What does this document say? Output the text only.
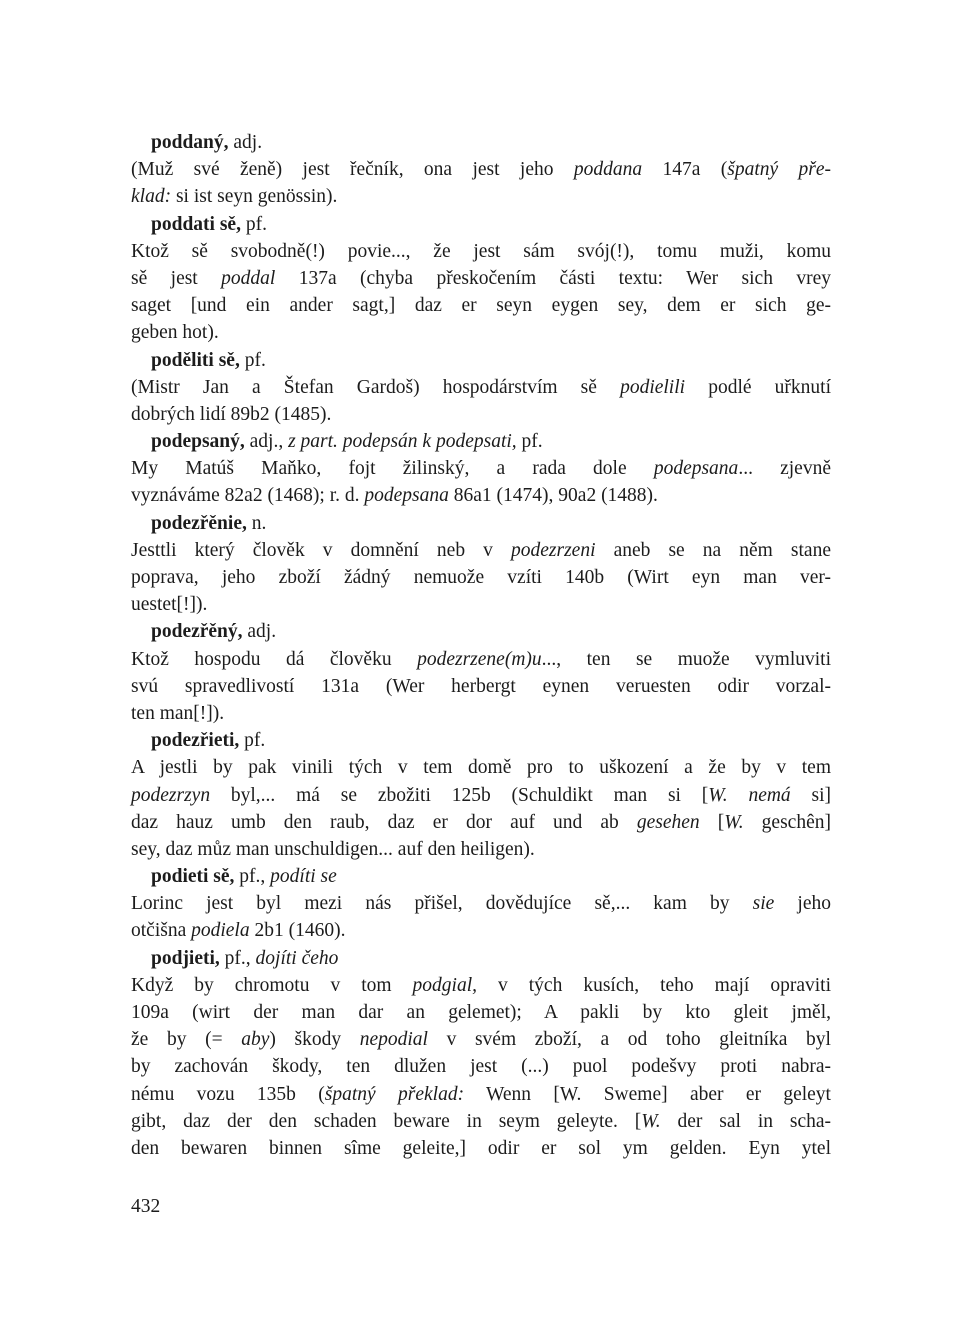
poddaný, adj.
(Muž své ženě) jest řečník, ona jest jeho poddana 147a (špatný pře-
klad: si ist seyn genössin).
poddati sě, pf.
Ktož sě svobodně(!) povie..., že jest sám svój(!), tomu muži, komu
sě jest poddal 137a (chyba přeskočením části textu: Wer sich vrey
saget [und ein ander sagt,] daz er seyn eygen sey, dem er sich ge-
geben hot).
poděliti sě, pf.
(Mistr Jan a Štefan Gardoš) hospodárstvím sě podielili podlé uřknutí
dobrých lidí 89b2 (1485).
podepsaný, adj., z part. podepsán k podepsati, pf.
My Matúš Maňko, fojt žilinský, a rada dole podepsana... zjevně
vyznáváme 82a2 (1468); r. d. podepsana 86a1 (1474), 90a2 (1488).
podezřěnie, n.
Jesttli který člověk v domnění neb v podezrzeni aneb se na něm stane
poprava, jeho zboží žádný nemuože vzíti 140b (Wirt eyn man ver-
uestet[!]).
podezřěný, adj.
Ktož hospodu dá člověku podezrzene(m)u..., ten se muože vymluviti
svú spravedlivostí 131a (Wer herbergt eynen veruesten odir vorzal-
ten man[!]).
podezřieti, pf.
A jestli by pak vinili tých v tem domě pro to uškození a že by v tem
podezrzyn byl,... má se zbožiti 125b (Schuldikt man si [W. nemá si]
daz hauz umb den raub, daz er dor auf und ab gesehen [W. geschên]
sey, daz můz man unschuldigen... auf den heiligen).
podieti sě, pf., podíti se
Lorinc jest byl mezi nás přišel, dovědujíce sě,... kam by sie jeho
otčišna podiela 2b1 (1460).
podjieti, pf., dojíti čeho
Když by chromotu v tom podgial, v tých kusích, teho mají opraviti
109a (wirt der man dar an gelemet); A pakli by kto gleit jměl,
že by (= aby) škody nepodial v svém zboží, a od toho gleitníka byl
by zachován škody, ten dlužen jest (...) puol podešvy proti nabra-
nému vozu 135b (špatný překlad: Wenn [W. Sweme] aber er geleyt
gibt, daz der den schaden beware in seym geleyte. [W. der sal in scha-
den bewaren binnen sîme geleite,] odir er sol ym gelden. Eyn ytel
432
